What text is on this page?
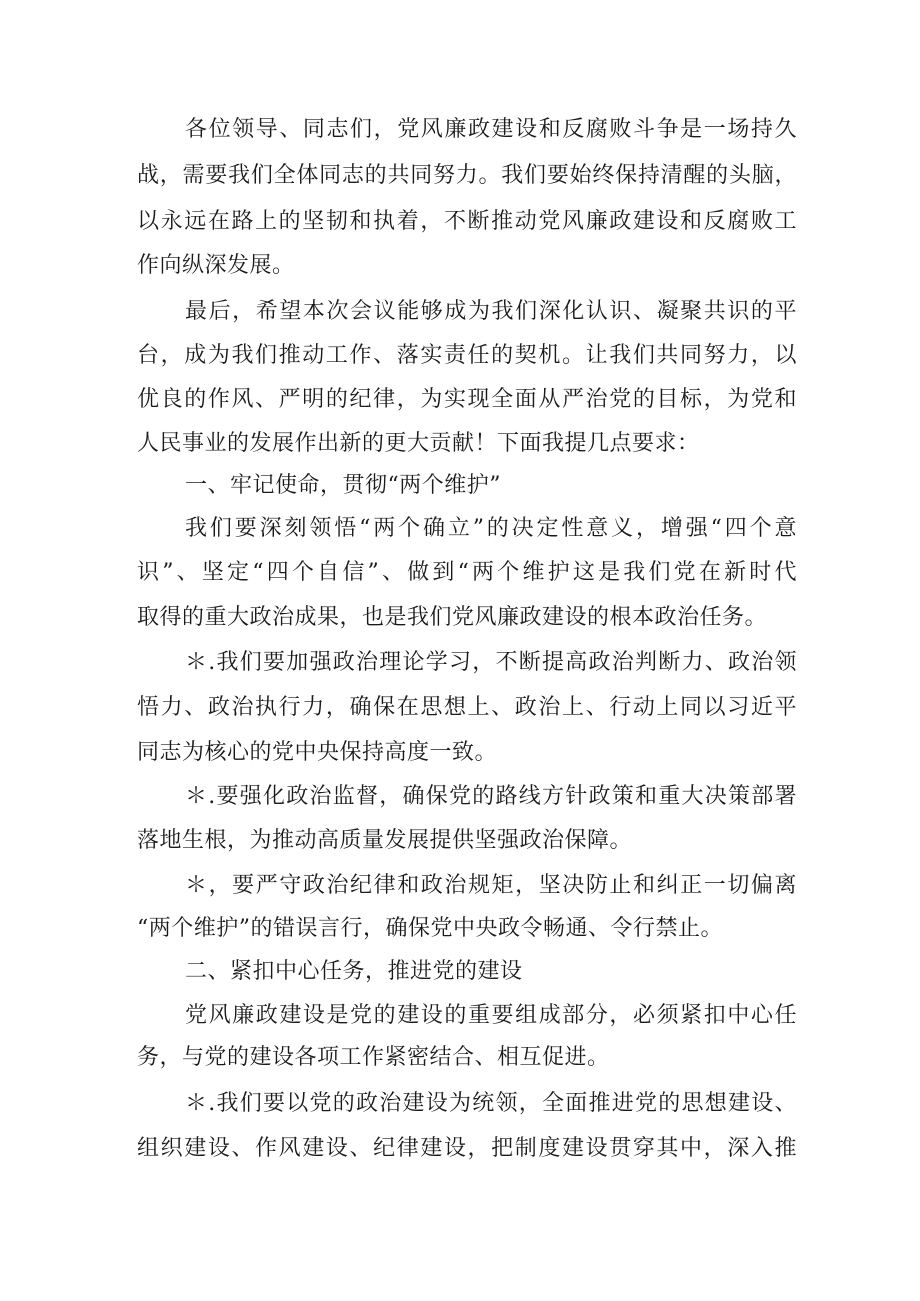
各位领导、同志们，党风廉政建设和反腐败斗争是一场持久
战，需要我们全体同志的共同努力。我们要始终保持清醒的头脑，
以永远在路上的坚韧和执着，不断推动党风廉政建设和反腐败工
作向纵深发展。
最后，希望本次会议能够成为我们深化认识、凝聚共识的平
台，成为我们推动工作、落实责任的契机。让我们共同努力，以
优良的作风、严明的纪律，为实现全面从严治党的目标，为党和
人民事业的发展作出新的更大贡献！下面我提几点要求：
一、牢记使命，贯彻“两个维护”
我们要深刻领悟“两个确立”的决定性意义，增强“四个意
识”、坚定“四个自信”、做到“两个维护这是我们党在新时代
取得的重大政治成果，也是我们党风廉政建设的根本政治任务。
＊.我们要加强政治理论学习，不断提高政治判断力、政治领
悟力、政治执行力，确保在思想上、政治上、行动上同以习近平
同志为核心的党中央保持高度一致。
＊.要强化政治监督，确保党的路线方针政策和重大决策部署
落地生根，为推动高质量发展提供坚强政治保障。
＊，要严守政治纪律和政治规矩，坚决防止和纠正一切偏离
“两个维护”的错误言行，确保党中央政令畅通、令行禁止。
二、紧扣中心任务，推进党的建设
党风廉政建设是党的建设的重要组成部分，必须紧扣中心任
务，与党的建设各项工作紧密结合、相互促进。
＊.我们要以党的政治建设为统领，全面推进党的思想建设、
组织建设、作风建设、纪律建设，把制度建设贯穿其中，深入推
